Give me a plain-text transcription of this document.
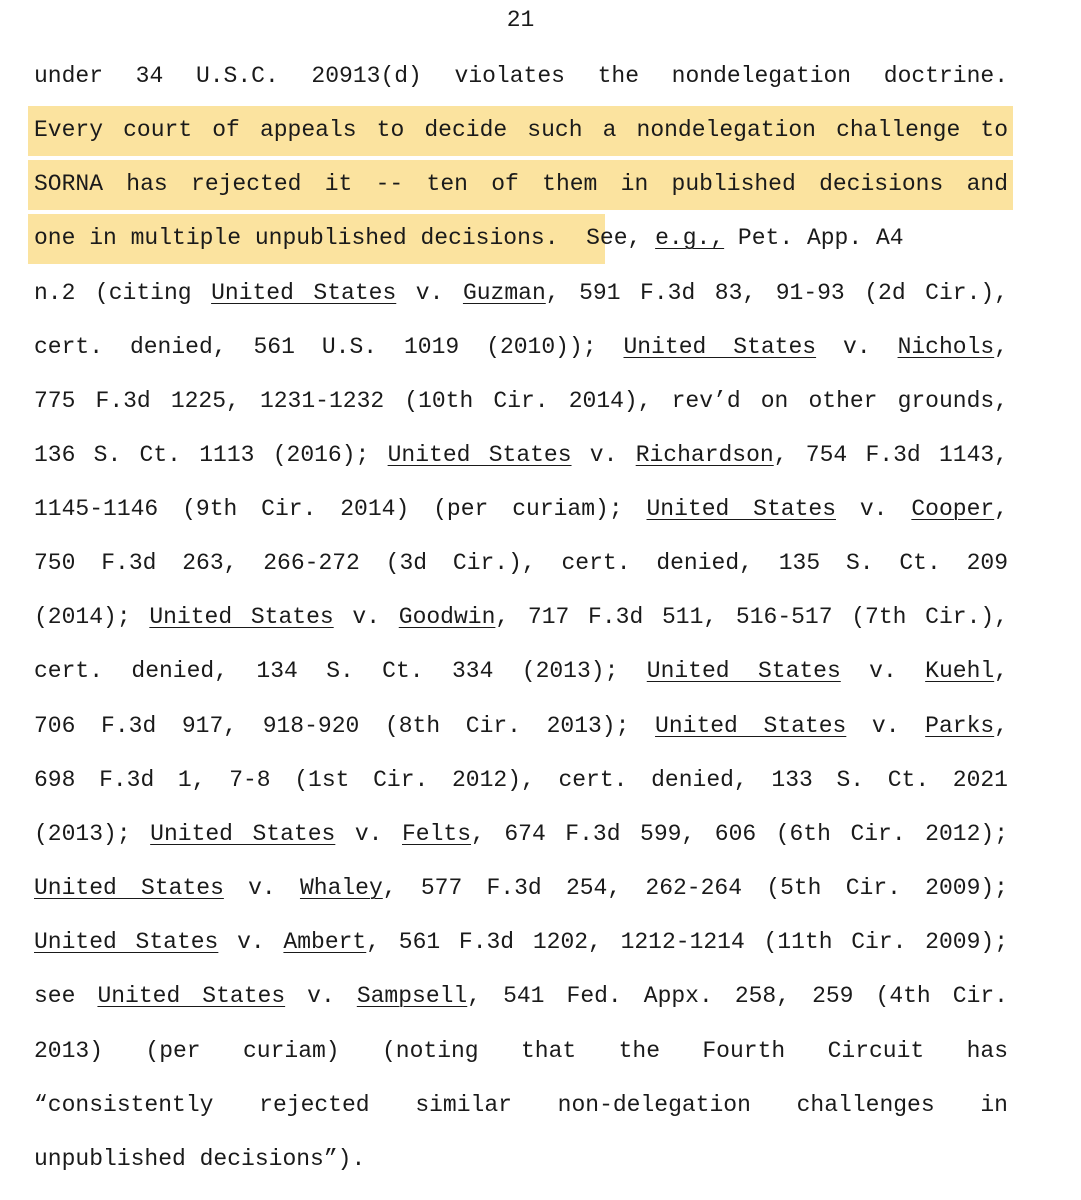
21
under 34 U.S.C. 20913(d) violates the nondelegation doctrine.
Every court of appeals to decide such a nondelegation challenge to
SORNA has rejected it -- ten of them in published decisions and
one in multiple unpublished decisions.  See, e.g., Pet. App. A4
n.2 (citing United States v. Guzman, 591 F.3d 83, 91-93 (2d Cir.),
cert. denied, 561 U.S. 1019 (2010)); United States v. Nichols,
775 F.3d 1225, 1231-1232 (10th Cir. 2014), rev’d on other grounds,
136 S. Ct. 1113 (2016); United States v. Richardson, 754 F.3d 1143,
1145-1146 (9th Cir. 2014) (per curiam); United States v. Cooper,
750 F.3d 263, 266-272 (3d Cir.), cert. denied, 135 S. Ct. 209
(2014); United States v. Goodwin, 717 F.3d 511, 516-517 (7th Cir.),
cert. denied, 134 S. Ct. 334 (2013); United States v. Kuehl,
706 F.3d 917, 918-920 (8th Cir. 2013); United States v. Parks,
698 F.3d 1, 7-8 (1st Cir. 2012), cert. denied, 133 S. Ct. 2021
(2013); United States v. Felts, 674 F.3d 599, 606 (6th Cir. 2012);
United States v. Whaley, 577 F.3d 254, 262-264 (5th Cir. 2009);
United States v. Ambert, 561 F.3d 1202, 1212-1214 (11th Cir. 2009);
see United States v. Sampsell, 541 Fed. Appx. 258, 259 (4th Cir.
2013) (per curiam) (noting that the Fourth Circuit has
“consistently rejected similar non-delegation challenges in
unpublished decisions”).
